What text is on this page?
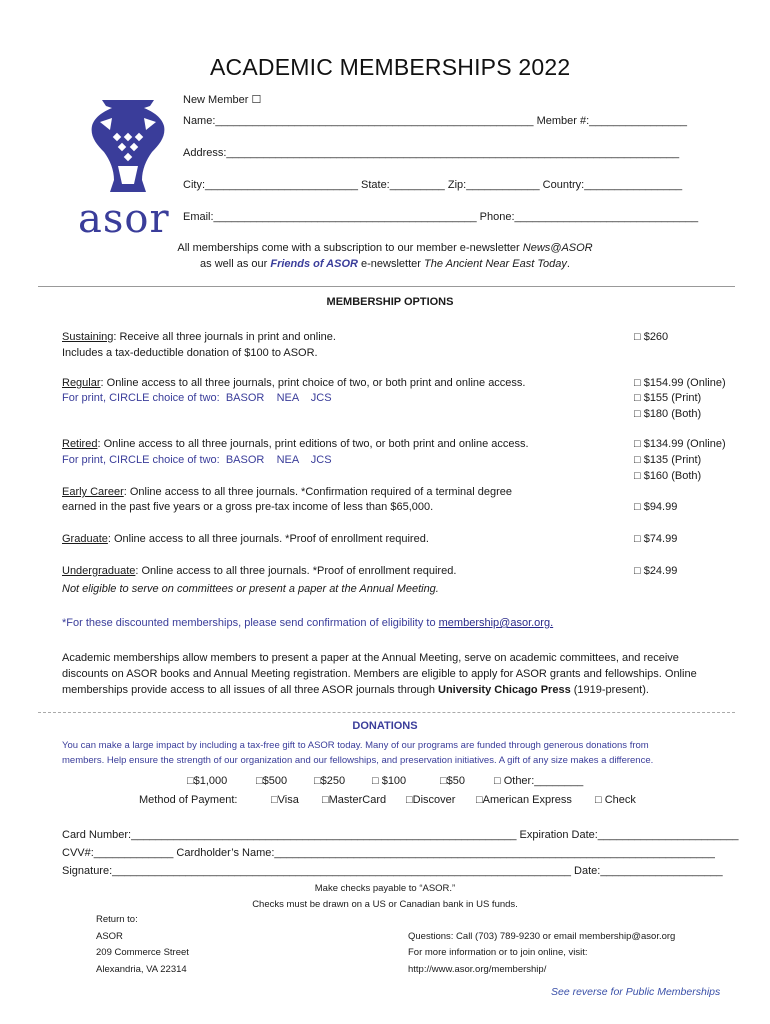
ACADEMIC MEMBERSHIPS 2022
asor
New Member ☐
Name:____________________________________________________ Member #:________________
Address:__________________________________________________________________________
City:_________________________ State:_________ Zip:____________ Country:________________
Email:___________________________________________ Phone:______________________________
All memberships come with a subscription to our member e-newsletter News@ASOR
as well as our Friends of ASOR e-newsletter The Ancient Near East Today.
MEMBERSHIP OPTIONS
Sustaining: Receive all three journals in print and online.
Includes a tax-deductible donation of $100 to ASOR.
□ $260
Regular: Online access to all three journals, print choice of two, or both print and online access.
For print, CIRCLE choice of two:  BASOR    NEA    JCS
□ $154.99 (Online)
□ $155 (Print)
□ $180 (Both)
Retired: Online access to all three journals, print editions of two, or both print and online access.
For print, CIRCLE choice of two:  BASOR    NEA    JCS
□ $134.99 (Online)
□ $135 (Print)
□ $160 (Both)
Early Career: Online access to all three journals. *Confirmation required of a terminal degree
earned in the past five years or a gross pre-tax income of less than $65,000.	□ $94.99
Graduate: Online access to all three journals. *Proof of enrollment required.	□ $74.99
Undergraduate: Online access to all three journals. *Proof of enrollment required.
Not eligible to serve on committees or present a paper at the Annual Meeting.
□ $24.99
*For these discounted memberships, please send confirmation of eligibility to membership@asor.org.
Academic memberships allow members to present a paper at the Annual Meeting, serve on academic committees, and receive
discounts on ASOR books and Annual Meeting registration. Members are eligible to apply for ASOR grants and fellowships. Online
memberships provide access to all issues of all three ASOR journals through University Chicago Press (1919-present).
DONATIONS
You can make a large impact by including a tax-free gift to ASOR today. Many of our programs are funded through generous donations from
members. Help ensure the strength of our organization and our fellowships, and preservation initiatives. A gift of any size makes a difference.
□$1,000	□$500 □$250 □ $100	□$50	□ Other:________
Method of Payment:	□Visa □MasterCard □Discover □American Express □ Check
Card Number:_______________________________________________________________ Expiration Date:_______________________
CVV#:_____________ Cardholder’s Name:________________________________________________________________________
Signature:___________________________________________________________________________ Date:____________________
Make checks payable to “ASOR.”
Checks must be drawn on a US or Canadian bank in US funds.
Return to:
ASOR
209 Commerce Street
Alexandria, VA 22314
Questions: Call (703) 789-9230 or email membership@asor.org
For more information or to join online, visit:
http://www.asor.org/membership/
See reverse for Public Memberships
